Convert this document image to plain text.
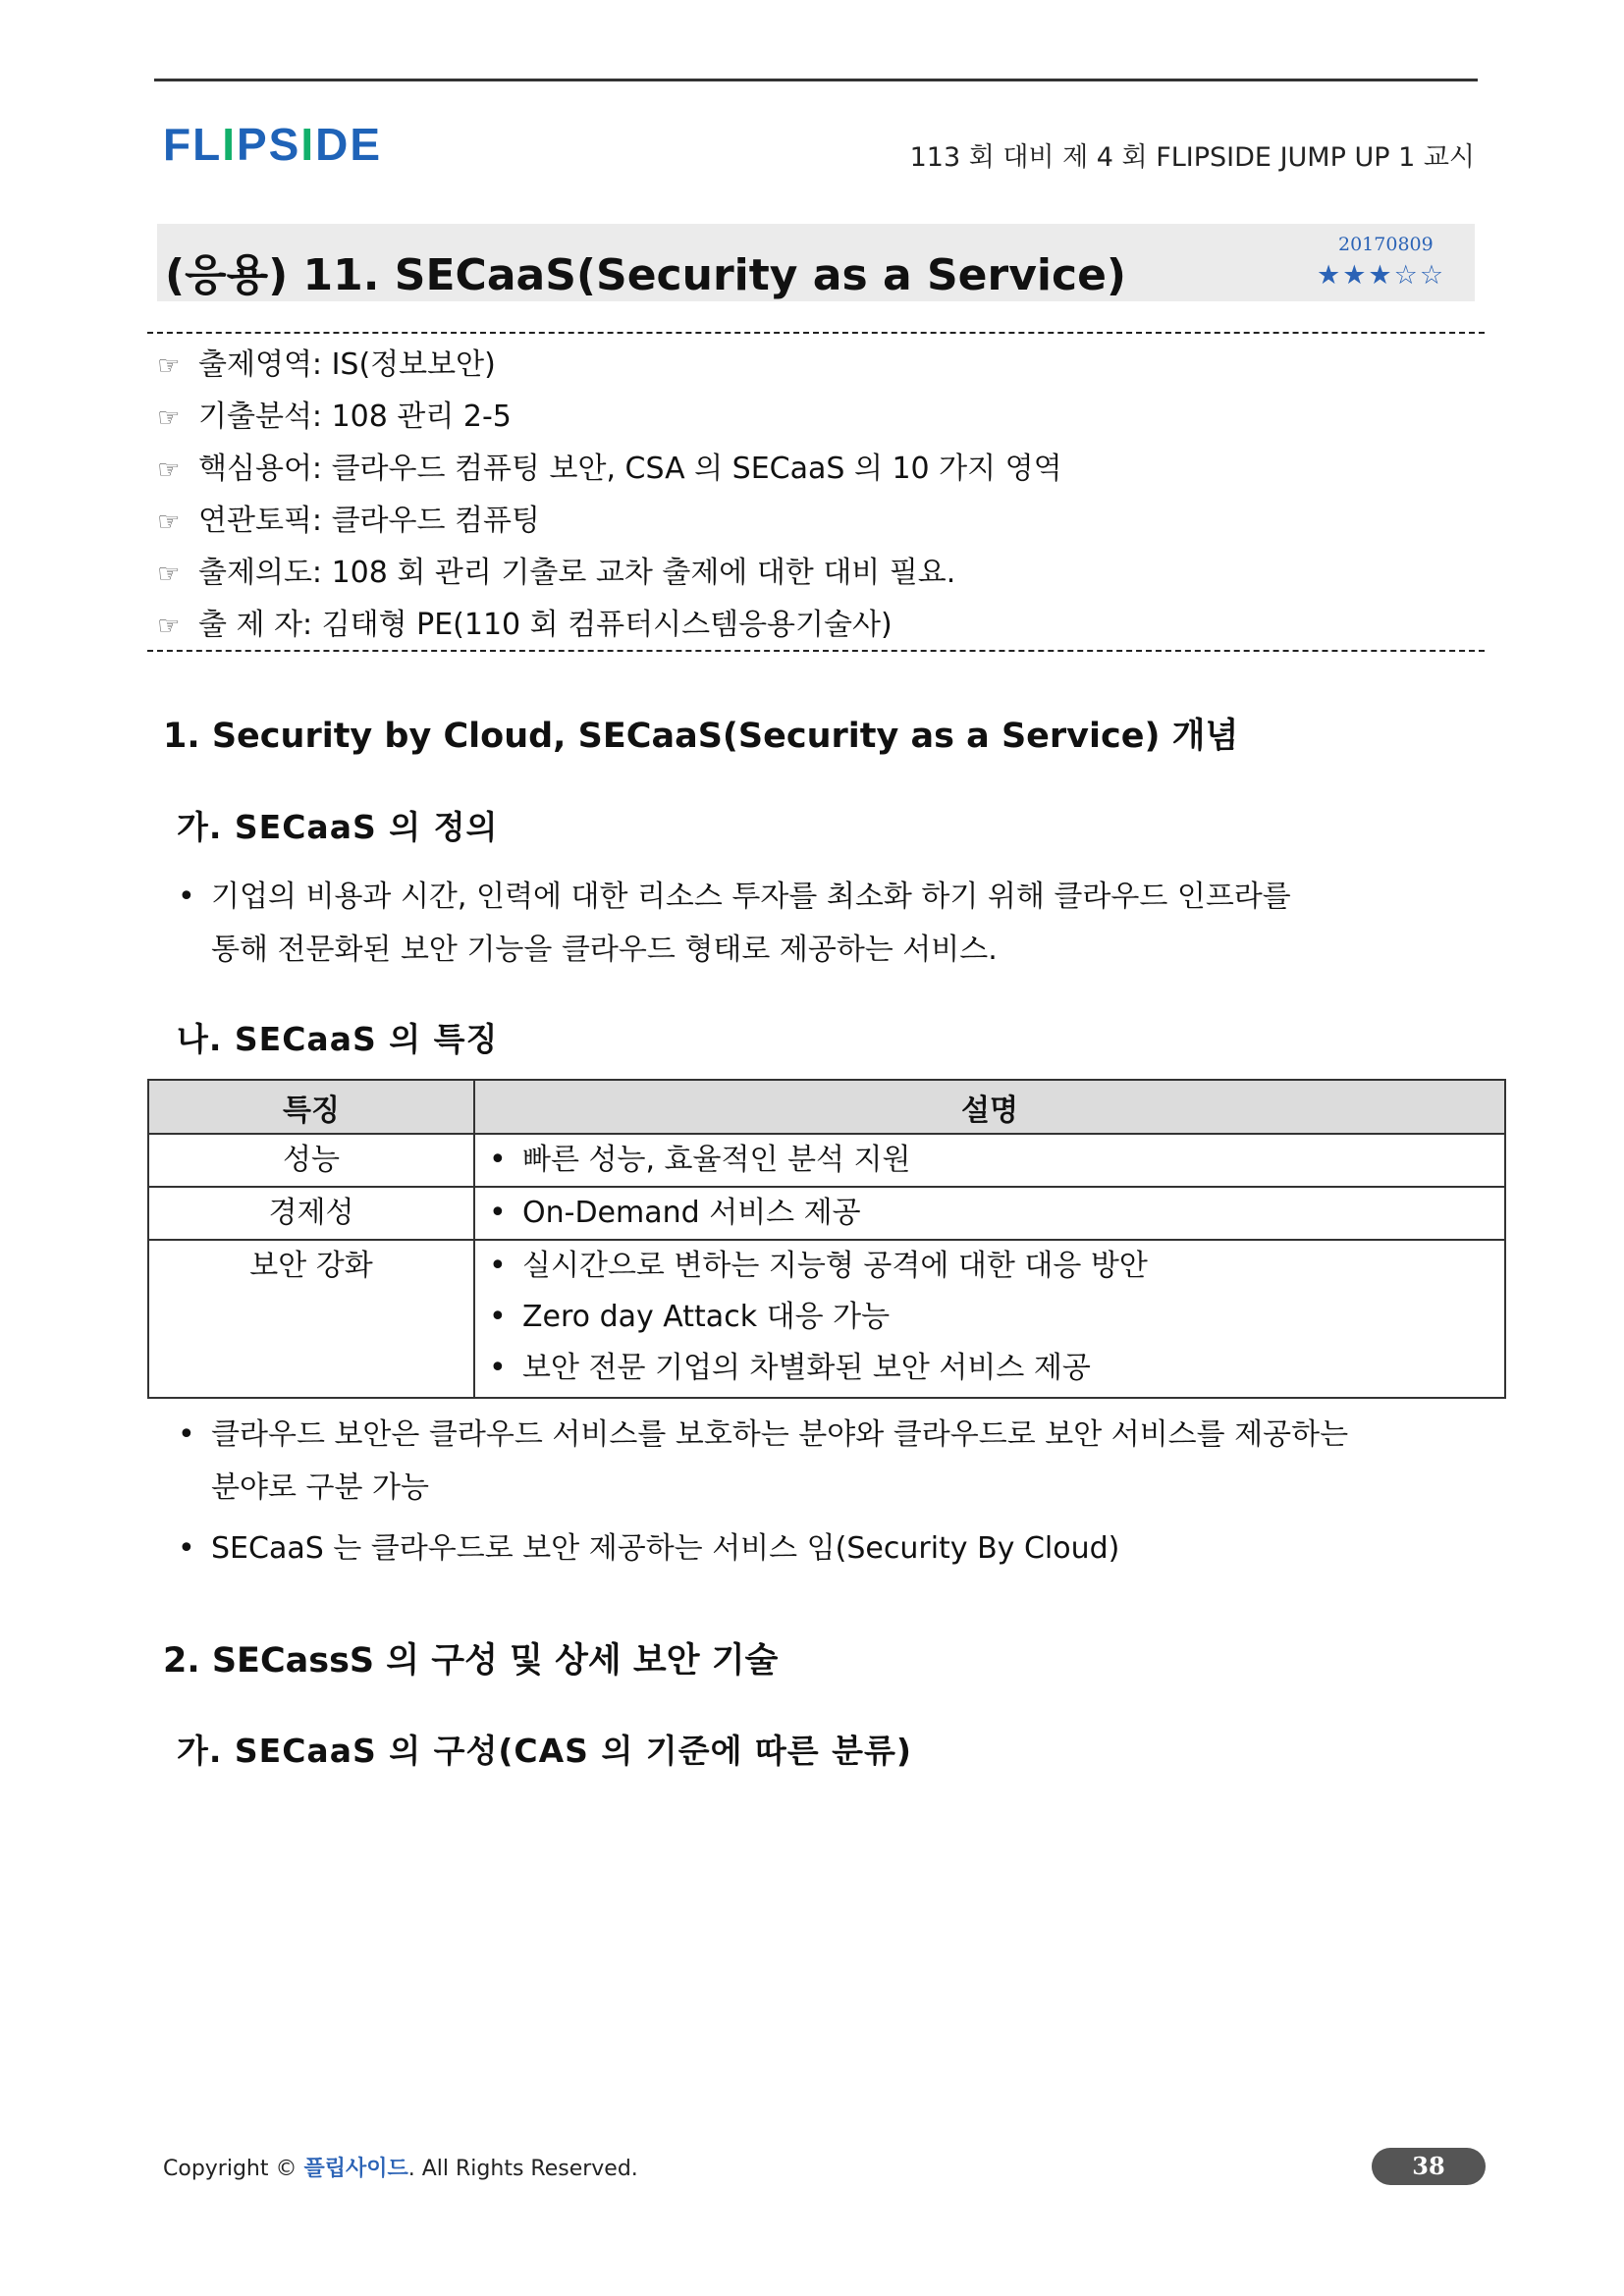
FLIPSIDE	113 회 대비 제 4 회 FLIPSIDE JUMP UP 1 교시
(응용) 11. SECaaS(Security as a Service)
20170809
★★★☆☆
☞ 출제영역: IS(정보보안)
☞ 기출분석: 108 관리 2-5
☞ 핵심용어: 클라우드 컴퓨팅 보안, CSA 의 SECaaS 의 10 가지 영역
☞ 연관토픽: 클라우드 컴퓨팅
☞ 출제의도: 108 회 관리 기출로 교차 출제에 대한 대비 필요.
☞ 출 제 자: 김태형 PE(110 회 컴퓨터시스템응용기술사)
1. Security by Cloud, SECaaS(Security as a Service) 개념
가. SECaaS 의 정의
• 기업의 비용과 시간, 인력에 대한 리소스 투자를 최소화 하기 위해 클라우드 인프라를
통해 전문화된 보안 기능을 클라우드 형태로 제공하는 서비스.
나. SECaaS 의 특징
특징	설명
성능	• 빠른 성능, 효율적인 분석 지원

경제성	• On-Demand 서비스 제공

보안 강화	• 실시간으로 변하는 지능형 공격에 대한 대응 방안
• Zero day Attack 대응 가능
• 보안 전문 기업의 차별화된 보안 서비스 제공
• 클라우드 보안은 클라우드 서비스를 보호하는 분야와 클라우드로 보안 서비스를 제공하는
분야로 구분 가능
• SECaaS 는 클라우드로 보안 제공하는 서비스 임(Security By Cloud)
2. SECassS 의 구성 및 상세 보안 기술
가. SECaaS 의 구성(CAS 의 기준에 따른 분류)
Copyright © 플립사이드. All Rights Reserved.	38
